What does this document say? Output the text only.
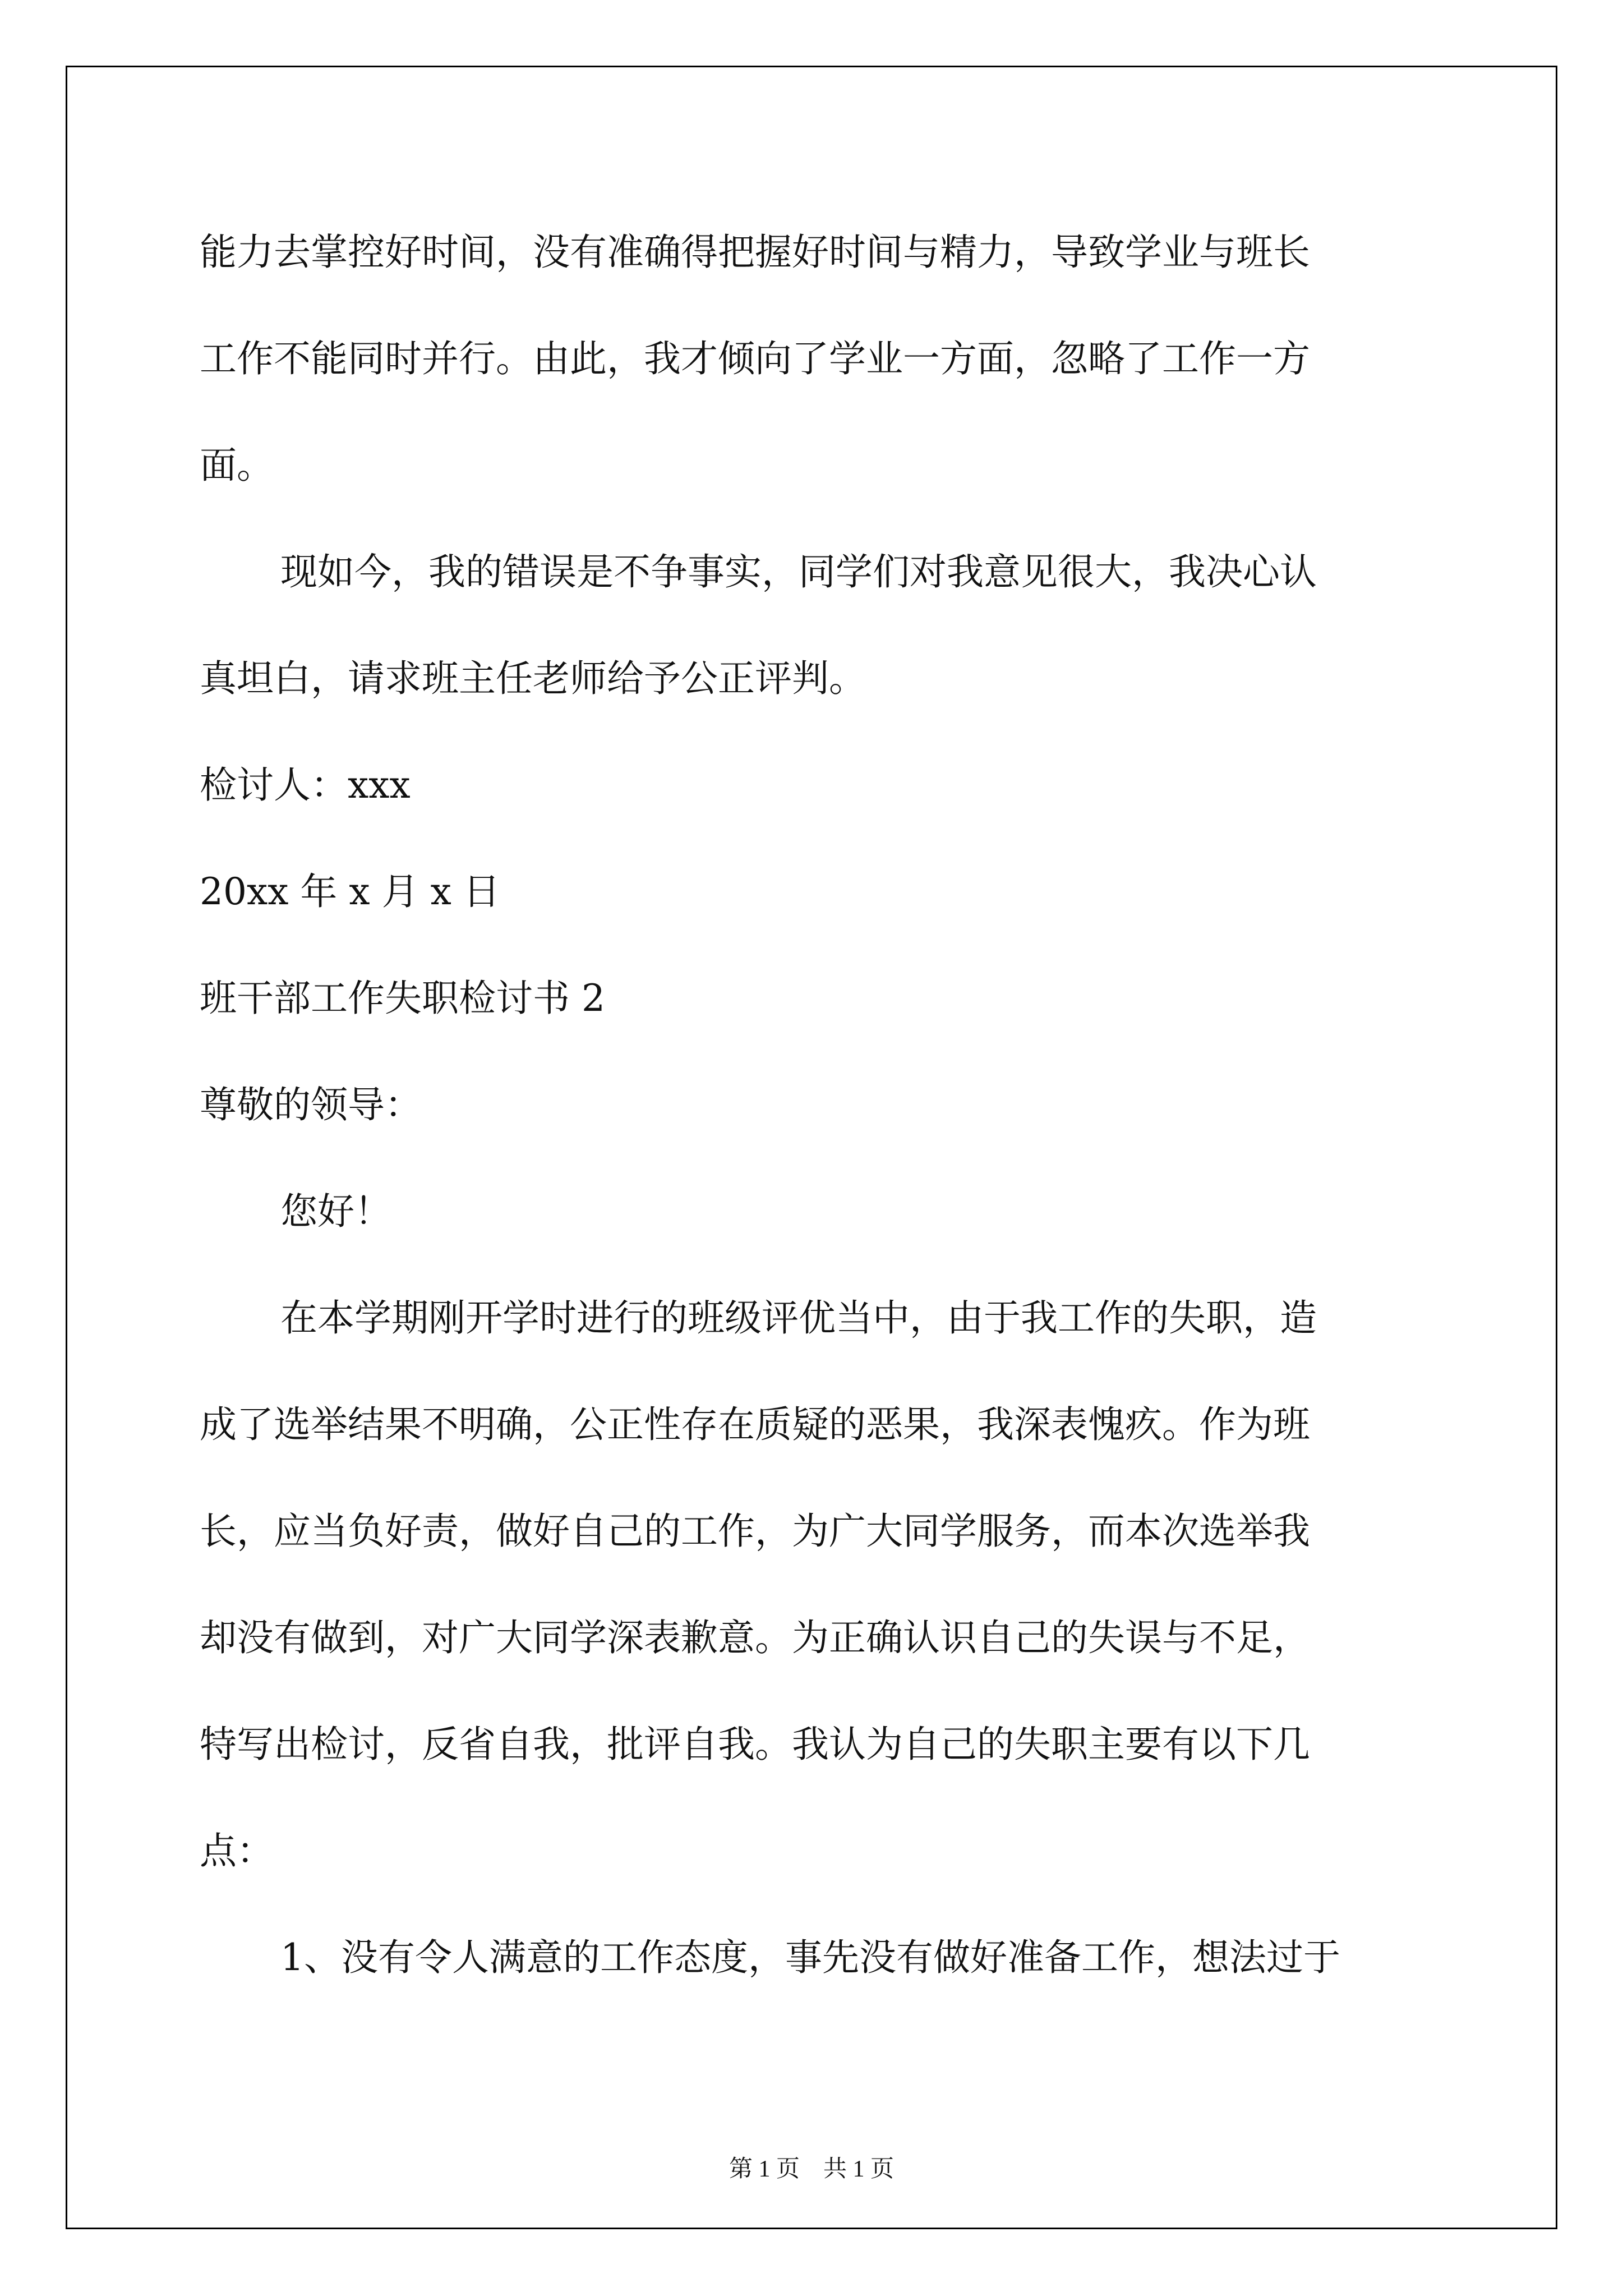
能力去掌控好时间，没有准确得把握好时间与精力，导致学业与班长
工作不能同时并行。由此，我才倾向了学业一方面，忽略了工作一方
面。
现如今，我的错误是不争事实，同学们对我意见很大，我决心认
真坦白，请求班主任老师给予公正评判。
检讨人：xxx
20xx 年 x 月 x 日
班干部工作失职检讨书 2
尊敬的领导：
您好！
在本学期刚开学时进行的班级评优当中，由于我工作的失职，造
成了选举结果不明确，公正性存在质疑的恶果，我深表愧疚。作为班
长，应当负好责，做好自己的工作，为广大同学服务，而本次选举我
却没有做到，对广大同学深表歉意。为正确认识自己的失误与不足，
特写出检讨，反省自我，批评自我。我认为自己的失职主要有以下几
点：
1、没有令人满意的工作态度，事先没有做好准备工作，想法过于
第 1 页　共 1 页
